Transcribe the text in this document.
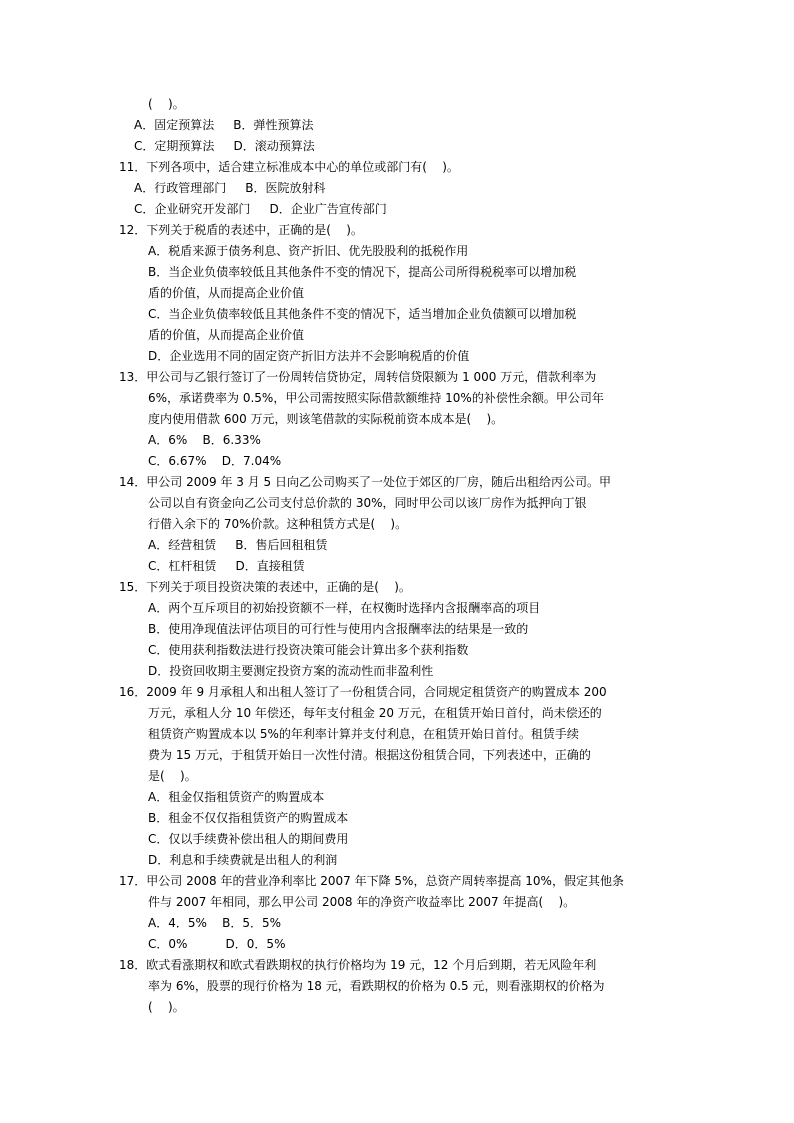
(    )。
A．固定预算法     B．弹性预算法
C．定期预算法     D．滚动预算法
11．下列各项中，适合建立标准成本中心的单位或部门有(    )。
A．行政管理部门     B．医院放射科
C．企业研究开发部门     D．企业广告宣传部门
12．下列关于税盾的表述中，正确的是(    )。
A．税盾来源于债务利息、资产折旧、优先股股利的抵税作用
B．当企业负债率较低且其他条件不变的情况下，提高公司所得税税率可以增加税
盾的价值，从而提高企业价值
C．当企业负债率较低且其他条件不变的情况下，适当增加企业负债额可以增加税
盾的价值，从而提高企业价值
D．企业选用不同的固定资产折旧方法并不会影响税盾的价值
13．甲公司与乙银行签订了一份周转信贷协定，周转信贷限额为 1 000 万元，借款利率为
6%，承诺费率为 0.5%，甲公司需按照实际借款额维持 10%的补偿性余额。甲公司年
度内使用借款 600 万元，则该笔借款的实际税前资本成本是(    )。
A．6%    B．6.33%
C．6.67%    D．7.04%
14．甲公司 2009 年 3 月 5 日向乙公司购买了一处位于郊区的厂房，随后出租给丙公司。甲
公司以自有资金向乙公司支付总价款的 30%，同时甲公司以该厂房作为抵押向丁银
行借入余下的 70%价款。这种租赁方式是(    )。
A．经营租赁     B．售后回租租赁
C．杠杆租赁     D．直接租赁
15．下列关于项目投资决策的表述中，正确的是(    )。
A．两个互斥项目的初始投资额不一样，在权衡时选择内含报酬率高的项目
B．使用净现值法评估项目的可行性与使用内含报酬率法的结果是一致的
C．使用获利指数法进行投资决策可能会计算出多个获利指数
D．投资回收期主要测定投资方案的流动性而非盈利性
16．2009 年 9 月承租人和出租人签订了一份租赁合同，合同规定租赁资产的购置成本 200
万元，承租人分 10 年偿还，每年支付租金 20 万元，在租赁开始日首付，尚未偿还的
租赁资产购置成本以 5%的年利率计算并支付利息，在租赁开始日首付。租赁手续
费为 15 万元，于租赁开始日一次性付清。根据这份租赁合同，下列表述中，正确的
是(    )。
A．租金仅指租赁资产的购置成本
B．租金不仅仅指租赁资产的购置成本
C．仅以手续费补偿出租人的期间费用
D．利息和手续费就是出租人的利润
17．甲公司 2008 年的营业净利率比 2007 年下降 5%，总资产周转率提高 10%，假定其他条
件与 2007 年相同，那么甲公司 2008 年的净资产收益率比 2007 年提高(    )。
A．4．5%    B．5．5%
C．0%          D．0．5%
18．欧式看涨期权和欧式看跌期权的执行价格均为 19 元，12 个月后到期，若无风险年利
率为 6%，股票的现行价格为 18 元，看跌期权的价格为 0.5 元，则看涨期权的价格为
(    )。
